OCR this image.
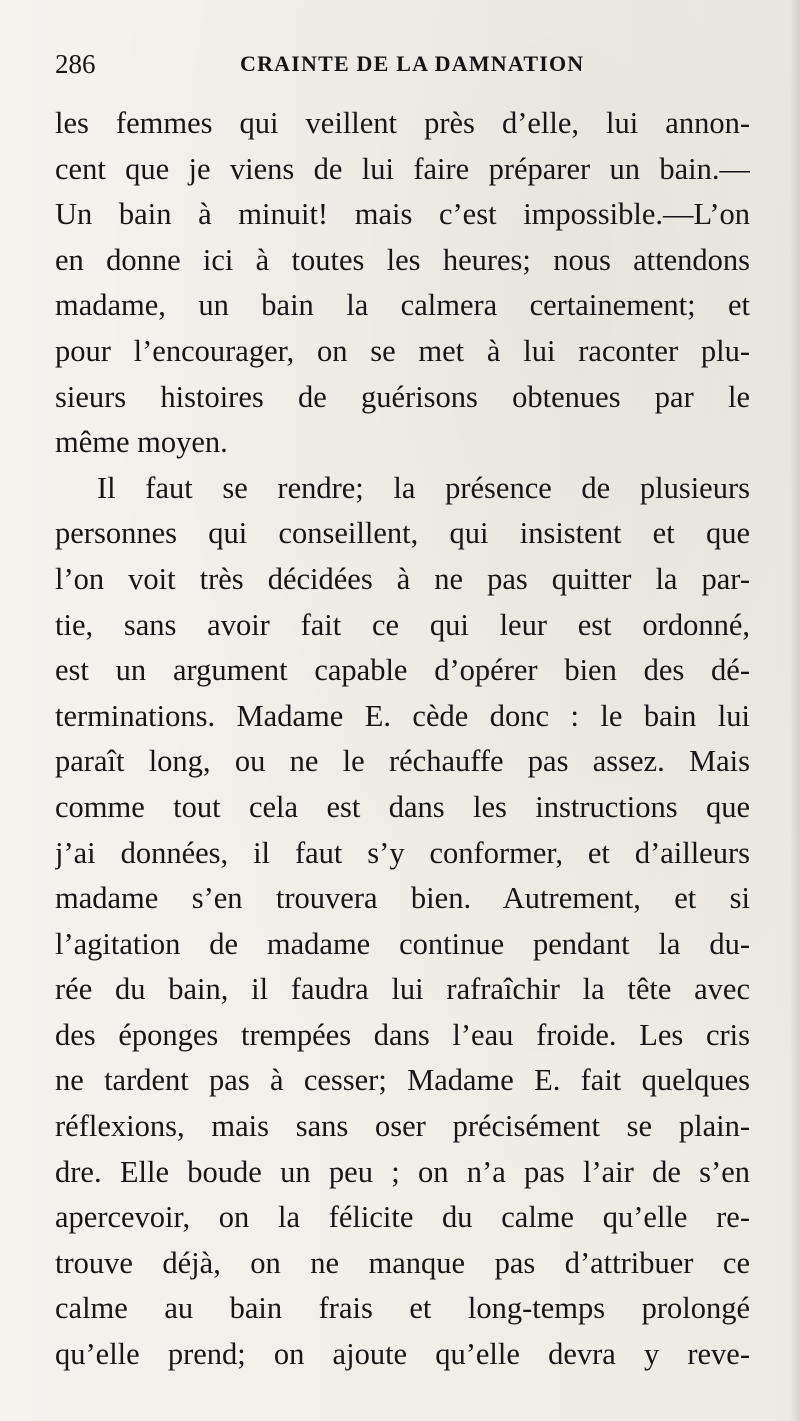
286	CRAINTE DE LA DAMNATION
les femmes qui veillent près d’elle, lui annon-
cent que je viens de lui faire préparer un bain.—
Un bain à minuit! mais c’est impossible.—L’on
en donne ici à toutes les heures; nous attendons
madame, un bain la calmera certainement; et
pour l’encourager, on se met à lui raconter plu-
sieurs histoires de guérisons obtenues par le
même moyen.
Il faut se rendre; la présence de plusieurs
personnes qui conseillent, qui insistent et que
l’on voit très décidées à ne pas quitter la par-
tie, sans avoir fait ce qui leur est ordonné,
est un argument capable d’opérer bien des dé-
terminations. Madame E. cède donc : le bain lui
paraît long, ou ne le réchauffe pas assez. Mais
comme tout cela est dans les instructions que
j’ai données, il faut s’y conformer, et d’ailleurs
madame s’en trouvera bien. Autrement, et si
l’agitation de madame continue pendant la du-
rée du bain, il faudra lui rafraîchir la tête avec
des éponges trempées dans l’eau froide. Les cris
ne tardent pas à cesser; Madame E. fait quelques
réflexions, mais sans oser précisément se plain-
dre. Elle boude un peu ; on n’a pas l’air de s’en
apercevoir, on la félicite du calme qu’elle re-
trouve déjà, on ne manque pas d’attribuer ce
calme au bain frais et long-temps prolongé
qu’elle prend; on ajoute qu’elle devra y reve-
